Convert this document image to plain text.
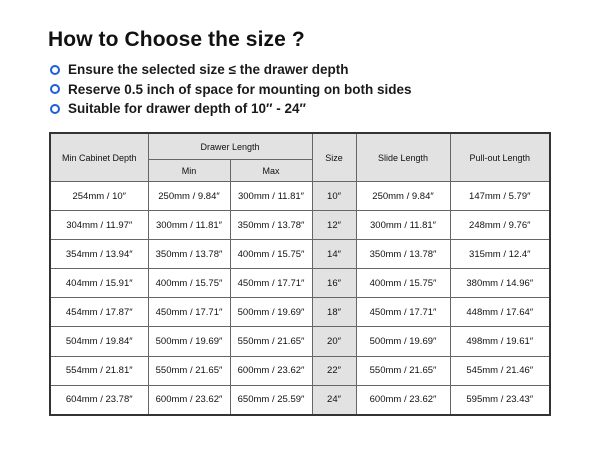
How to Choose the size ?
Ensure the selected size ≤ the drawer depth
Reserve 0.5 inch of space for mounting on both sides
Suitable for drawer depth of 10″ - 24″
Min Cabinet Depth	Drawer Length		Size	Slide Length	Pull-out Length
	Min	Max			
254mm / 10″	250mm / 9.84″	300mm / 11.81″	10″	250mm / 9.84″	147mm / 5.79″
304mm / 11.97″	300mm / 11.81″	350mm / 13.78″	12″	300mm / 11.81″	248mm / 9.76″
354mm / 13.94″	350mm / 13.78″	400mm / 15.75″	14″	350mm / 13.78″	315mm / 12.4″
404mm / 15.91″	400mm / 15.75″	450mm / 17.71″	16″	400mm / 15.75″	380mm / 14.96″
454mm / 17.87″	450mm / 17.71″	500mm / 19.69″	18″	450mm / 17.71″	448mm / 17.64″
504mm / 19.84″	500mm / 19.69″	550mm / 21.65″	20″	500mm / 19.69″	498mm / 19.61″
554mm / 21.81″	550mm / 21.65″	600mm / 23.62″	22″	550mm / 21.65″	545mm / 21.46″
604mm / 23.78″	600mm / 23.62″	650mm / 25.59″	24″	600mm / 23.62″	595mm / 23.43″
